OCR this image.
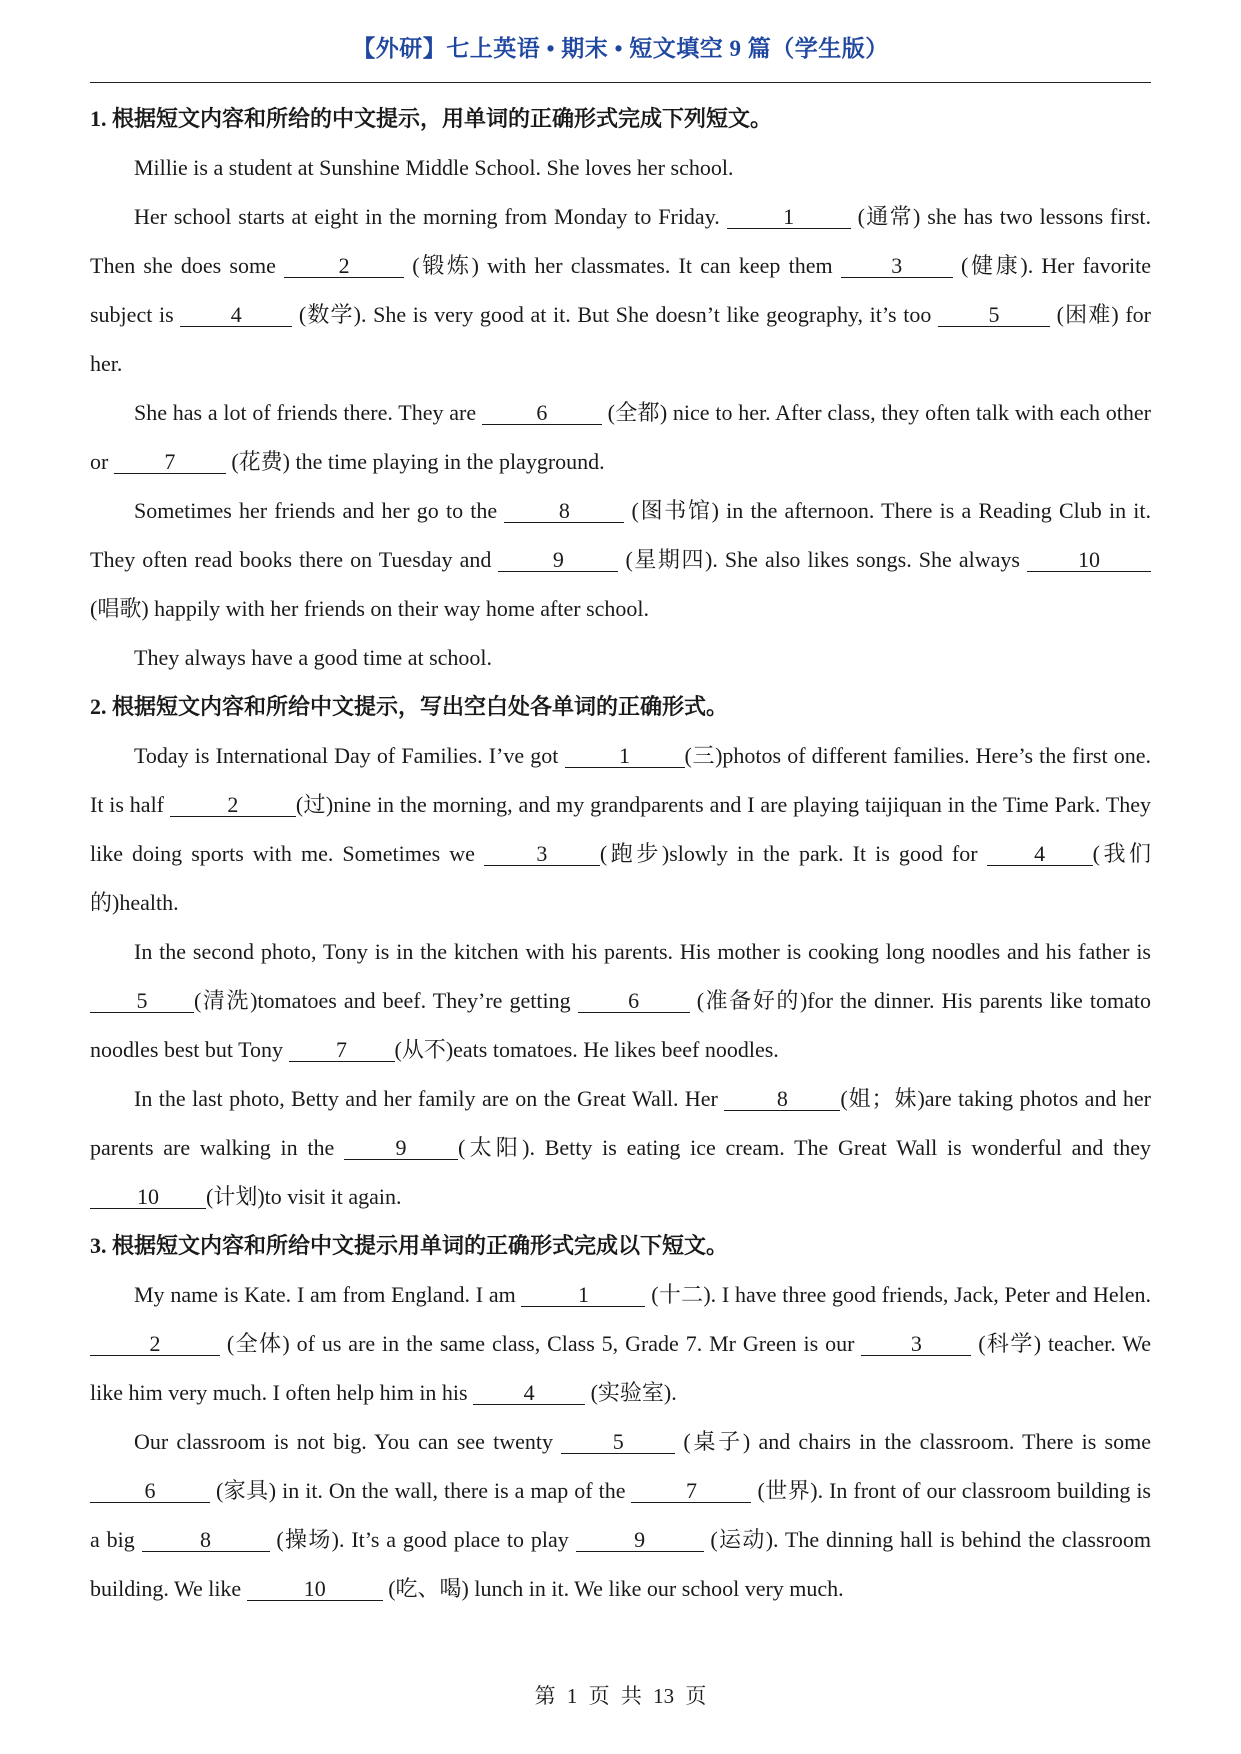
【外研】七上英语 • 期末 • 短文填空 9 篇（学生版）
1. 根据短文内容和所给的中文提示，用单词的正确形式完成下列短文。

Millie is a student at Sunshine Middle School. She loves her school.

Her school starts at eight in the morning from Monday to Friday.	1	(通常) she has two lessons first. Then she does some 2 (锻炼) with her classmates. It can keep them 3 (健康). Her favorite subject is 4 (数学). She is very good at it. But She doesn’t like geography, it’s too 5 (困难) for her.

She has a lot of friends there. They are 6 (全都) nice to her. After class, they often talk with each other or 7 (花费) the time playing in the playground.

Sometimes her friends and her go to the 8 (图书馆) in the afternoon. There is a Reading Club in it. They often read books there on Tuesday and 9 (星期四). She also likes songs. She always 10 (唱歌) happily with her friends on their way home after school.

They always have a good time at school.

2. 根据短文内容和所给中文提示，写出空白处各单词的正确形式。

Today is International Day of Families. I’ve got 1 (三)photos of different families. Here’s the first one. It is half	2	(过)nine in the morning, and my grandparents and I are playing taijiquan in the Time Park. They like doing sports with me. Sometimes we 3 (跑步)slowly in the park. It is good for 4 (我们的)health.

In the second photo, Tony is in the kitchen with his parents. His mother is cooking long noodles and his father is 5 (清洗)tomatoes and beef. They’re getting 6 (准备好的)for the dinner. His parents like tomato noodles best but Tony 7 (从不)eats tomatoes. He likes beef noodles.

In the last photo, Betty and her family are on the Great Wall. Her 8 (姐；妹)are taking photos and her parents are walking in the 9 (太阳). Betty is eating ice cream. The Great Wall is wonderful and they 10 (计划)to visit it again.

3. 根据短文内容和所给中文提示用单词的正确形式完成以下短文。

My name is Kate. I am from England. I am	1	(十二). I have three good friends, Jack, Peter and Helen. 2	(全体) of us are in the same class, Class 5, Grade 7. Mr Green is our 3 (科学) teacher. We like him very much. I often help him in his 4 (实验室).

Our classroom is not big. You can see twenty 5 (桌子) and chairs in the classroom. There is some 6 (家具) in it. On the wall, there is a map of the 7 (世界). In front of our classroom building is a big	8	(操场). It’s a good place to play	9	(运动). The dinning hall is behind the classroom building. We like	10	(吃、喝) lunch in it. We like our school very much.

第 1 页 共 13 页
